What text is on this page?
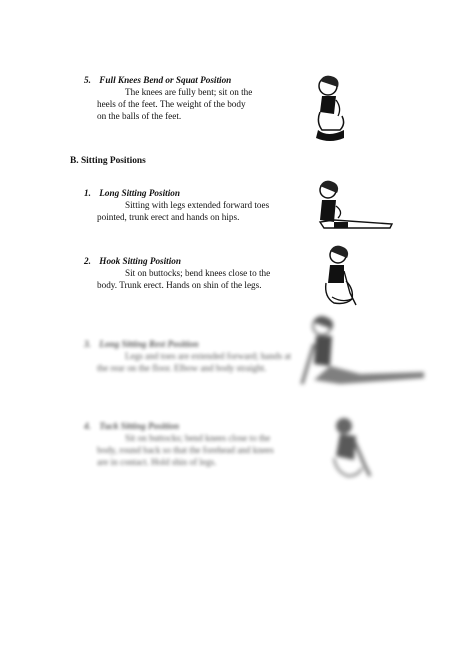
5. Full Knees Bend or Squat Position
The knees are fully bent; sit on the heels of the feet. The weight of the body on the balls of the feet.
B. Sitting Positions
1. Long Sitting Position
Sitting with legs extended forward toes pointed, trunk erect and hands on hips.
2. Hook Sitting Position
Sit on buttocks; bend knees close to the body. Trunk erect. Hands on shin of the legs.
3. Long Sitting Rest Position
Legs and toes are extended forward; hands at the rear on the floor. Elbow and body straight.
4. Tuck Sitting Position
Sit on buttocks; bend knees close to the body, round back so that the forehead and knees are in contact. Hold shin of legs.
